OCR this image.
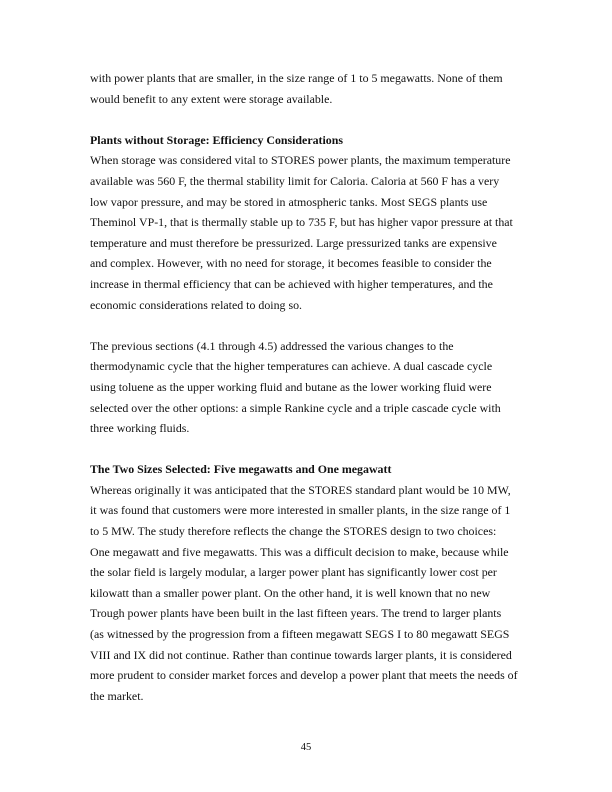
with power plants that are smaller, in the size range of 1 to 5 megawatts. None of them
would benefit to any extent were storage available.

Plants without Storage: Efficiency Considerations
When storage was considered vital to STORES power plants, the maximum temperature
available was 560 F, the thermal stability limit for Caloria. Caloria at 560 F has a very
low vapor pressure, and may be stored in atmospheric tanks. Most SEGS plants use
Theminol VP-1, that is thermally stable up to 735 F, but has higher vapor pressure at that
temperature and must therefore be pressurized. Large pressurized tanks are expensive
and complex. However, with no need for storage, it becomes feasible to consider the
increase in thermal efficiency that can be achieved with higher temperatures, and the
economic considerations related to doing so.

The previous sections (4.1 through 4.5) addressed the various changes to the
thermodynamic cycle that the higher temperatures can achieve. A dual cascade cycle
using toluene as the upper working fluid and butane as the lower working fluid were
selected over the other options: a simple Rankine cycle and a triple cascade cycle with
three working fluids.

The Two Sizes Selected: Five megawatts and One megawatt
Whereas originally it was anticipated that the STORES standard plant would be 10 MW,
it was found that customers were more interested in smaller plants, in the size range of 1
to 5 MW. The study therefore reflects the change the STORES design to two choices:
One megawatt and five megawatts. This was a difficult decision to make, because while
the solar field is largely modular, a larger power plant has significantly lower cost per
kilowatt than a smaller power plant. On the other hand, it is well known that no new
Trough power plants have been built in the last fifteen years. The trend to larger plants
(as witnessed by the progression from a fifteen megawatt SEGS I to 80 megawatt SEGS
VIII and IX did not continue. Rather than continue towards larger plants, it is considered
more prudent to consider market forces and develop a power plant that meets the needs of
the market.

45
